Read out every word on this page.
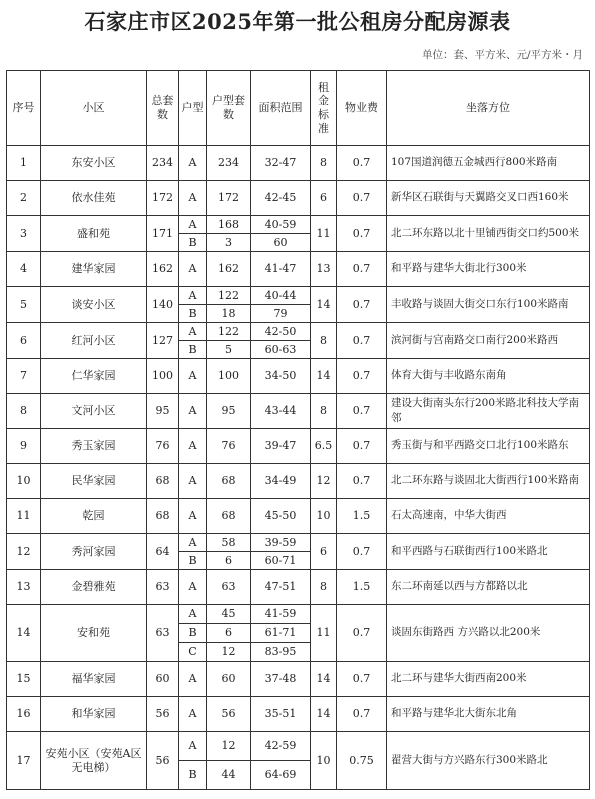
石家庄市区2025年第一批公租房分配房源表
单位：套、平方米、元/平方米・月
序号	小区	总套数	户型	户型套数	面积范围	租金标准	物业费	坐落方位
1	东安小区	234	A	234	32-47	8	0.7	107国道润德五金城西行800米路南
2	依水佳苑	172	A	172	42-45	6	0.7	新华区石联街与天翼路交叉口西160米
3	盛和苑	171	A	168	40-59	11	0.7	北二环东路以北十里铺西街交口约500米
			B	3	60			
4	建华家园	162	A	162	41-47	13	0.7	和平路与建华大街北行300米
5	谈安小区	140	A	122	40-44	14	0.7	丰收路与谈固大街交口东行100米路南
			B	18	79			
6	红河小区	127	A	122	42-50	8	0.7	滨河街与宫南路交口南行200米路西
			B	5	60-63			
7	仁华家园	100	A	100	34-50	14	0.7	体育大街与丰收路东南角
8	文河小区	95	A	95	43-44	8	0.7	建设大街南头东行200米路北科技大学南邻
9	秀玉家园	76	A	76	39-47	6.5	0.7	秀玉街与和平西路交口北行100米路东
10	民华家园	68	A	68	34-49	12	0.7	北二环东路与谈固北大街西行100米路南
11	乾园	68	A	68	45-50	10	1.5	石太高速南，中华大街西
12	秀河家园	64	A	58	39-59	6	0.7	和平西路与石联街西行100米路北
			B	6	60-71			
13	金碧雅苑	63	A	63	47-51	8	1.5	东二环南延以西与方都路以北
14	安和苑	63	A	45	41-59	11	0.7	谈固东街路西 方兴路以北200米
			B	6	61-71			
			C	12	83-95			
15	福华家园	60	A	60	37-48	14	0.7	北二环与建华大街西南200米
16	和华家园	56	A	56	35-51	14	0.7	和平路与建华北大街东北角
17	安苑小区（安苑A区无电梯）	56	A	12	42-59	10	0.75	翟营大街与方兴路东行300米路北
			B	44	64-69			
